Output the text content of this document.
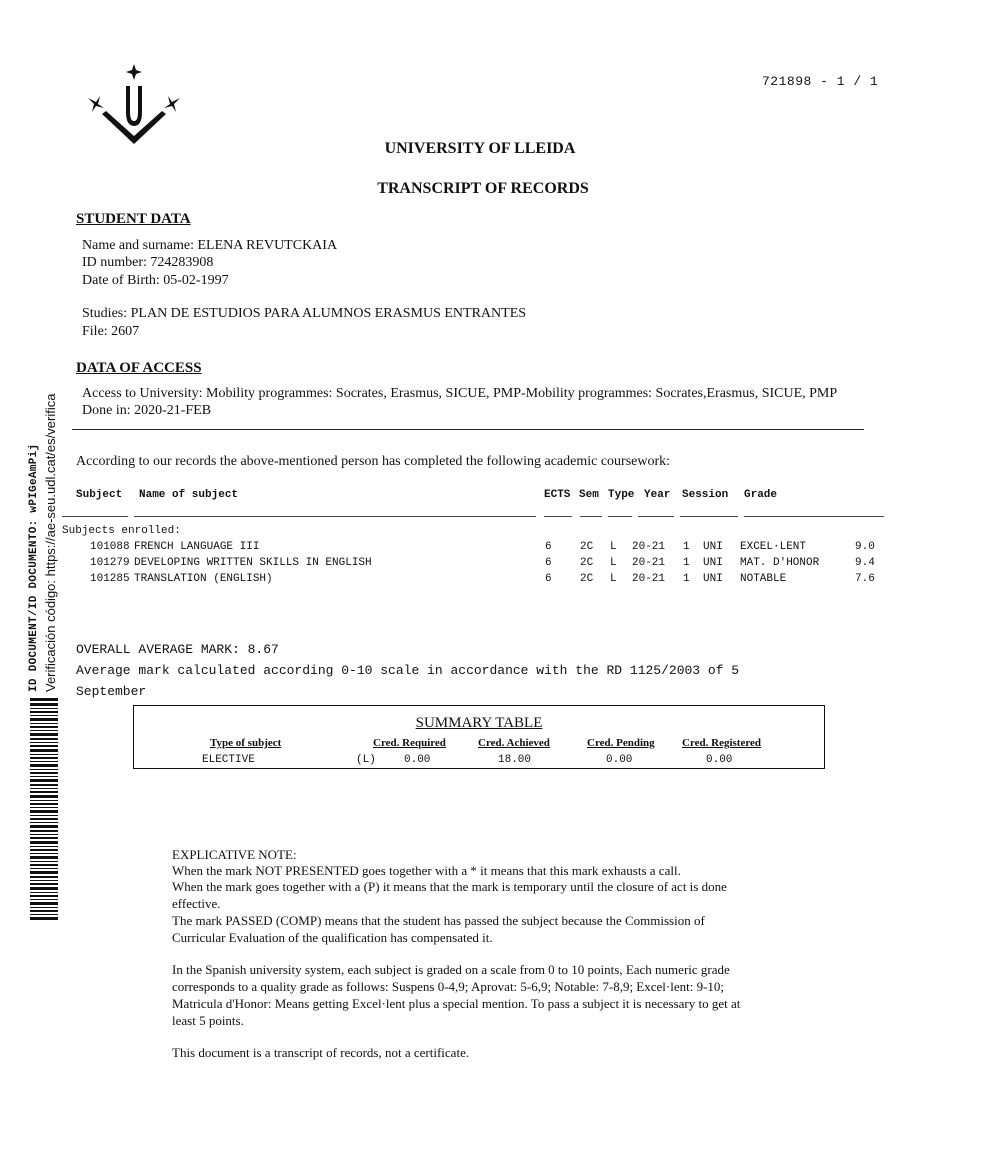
721898 - 1 / 1
UNIVERSITY OF LLEIDA
TRANSCRIPT OF RECORDS
STUDENT DATA
Name and surname: ELENA REVUTCKAIA
ID number: 724283908
Date of Birth: 05-02-1997
Studies: PLAN DE ESTUDIOS PARA ALUMNOS ERASMUS ENTRANTES
File: 2607
DATA OF ACCESS
Access to University: Mobility programmes: Socrates, Erasmus, SICUE, PMP-Mobility programmes: Socrates,Erasmus, SICUE, PMP
Done in: 2020-21-FEB
According to our records the above-mentioned person has completed the following academic coursework:
Subject Name of subject	ECTS Sem Type Year Session Grade
Subjects enrolled:
101088 FRENCH LANGUAGE III	6	2C L 20-21 1 UNI EXCEL·LENT	9.0
101279 DEVELOPING WRITTEN SKILLS IN ENGLISH	6	2C L 20-21 1 UNI MAT. D'HONOR	9.4
101285 TRANSLATION (ENGLISH)	6	2C L 20-21 1 UNI NOTABLE	7.6
OVERALL AVERAGE MARK: 8.67
Average mark calculated according 0-10 scale in accordance with the RD 1125/2003 of 5
September
SUMMARY TABLE
Type of subject	Cred. Required	Cred. Achieved	Cred. Pending Cred. Registered
ELECTIVE	(L)	0.00	18.00	0.00	0.00
EXPLICATIVE NOTE:
When the mark NOT PRESENTED goes together with a * it means that this mark exhausts a call.
When the mark goes together with a (P) it means that the mark is temporary until the closure of act is done
effective.
The mark PASSED (COMP) means that the student has passed the subject because the Commission of
Curricular Evaluation of the qualification has compensated it.
In the Spanish university system, each subject is graded on a scale from 0 to 10 points, Each numeric grade
corresponds to a quality grade as follows: Suspens 0-4,9; Aprovat: 5-6,9; Notable: 7-8,9; Excel·lent: 9-10;
Matricula d'Honor: Means getting Excel·lent plus a special mention. To pass a subject it is necessary to get at
least 5 points.
This document is a transcript of records, not a certificate.
ID DOCUMENT/ID DOCUMENTO: wPIGeAmPij Verificación código: https://ae-seu.udl.cat/es/verifica
